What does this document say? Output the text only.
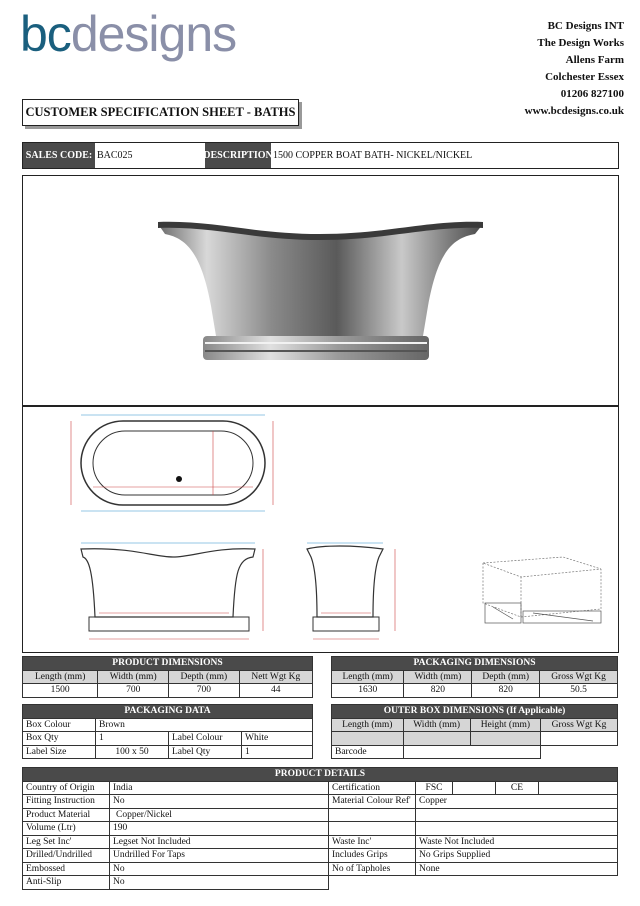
bcdesigns	BC Designs INT
The Design Works
Allens Farm
Colchester Essex
01206 827100
www.bcdesigns.co.uk
CUSTOMER SPECIFICATION SHEET - BATHS
SALES CODE: BAC025	DESCRIPTION 1500 COPPER BOAT BATH- NICKEL/NICKEL
PRODUCT DIMENSIONS			
Length (mm)	Width (mm)	Depth (mm)	Nett Wgt Kg
1500	700	700	44
PACKAGING DIMENSIONS			
Length (mm)	Width (mm)	Depth (mm)	Gross Wgt Kg
1630	820	820	50.5
PACKAGING DATA			
Box Colour	Brown		
Box Qty	1	Label Colour	White
Label Size	100 x 50	Label Qty	1
OUTER BOX DIMENSIONS (If Applicable)			
Length (mm)	Width (mm)	Height (mm)	Gross Wgt Kg

Barcode			
PRODUCT DETAILS
Country of Origin	India	Certification		FSC		CE	

Fitting Instruction	No	Material Colour Ref'	Copper
Product Material	Copper/Nickel		
Volume (Ltr)	190		
Leg Set Inc'	Legset Not Included	Waste Inc'	Waste Not Included
Drilled/Undrilled	Undrilled For Taps	Includes Grips	No Grips Supplied
Embossed	No	No of Tapholes	None
Anti-Slip	No	
